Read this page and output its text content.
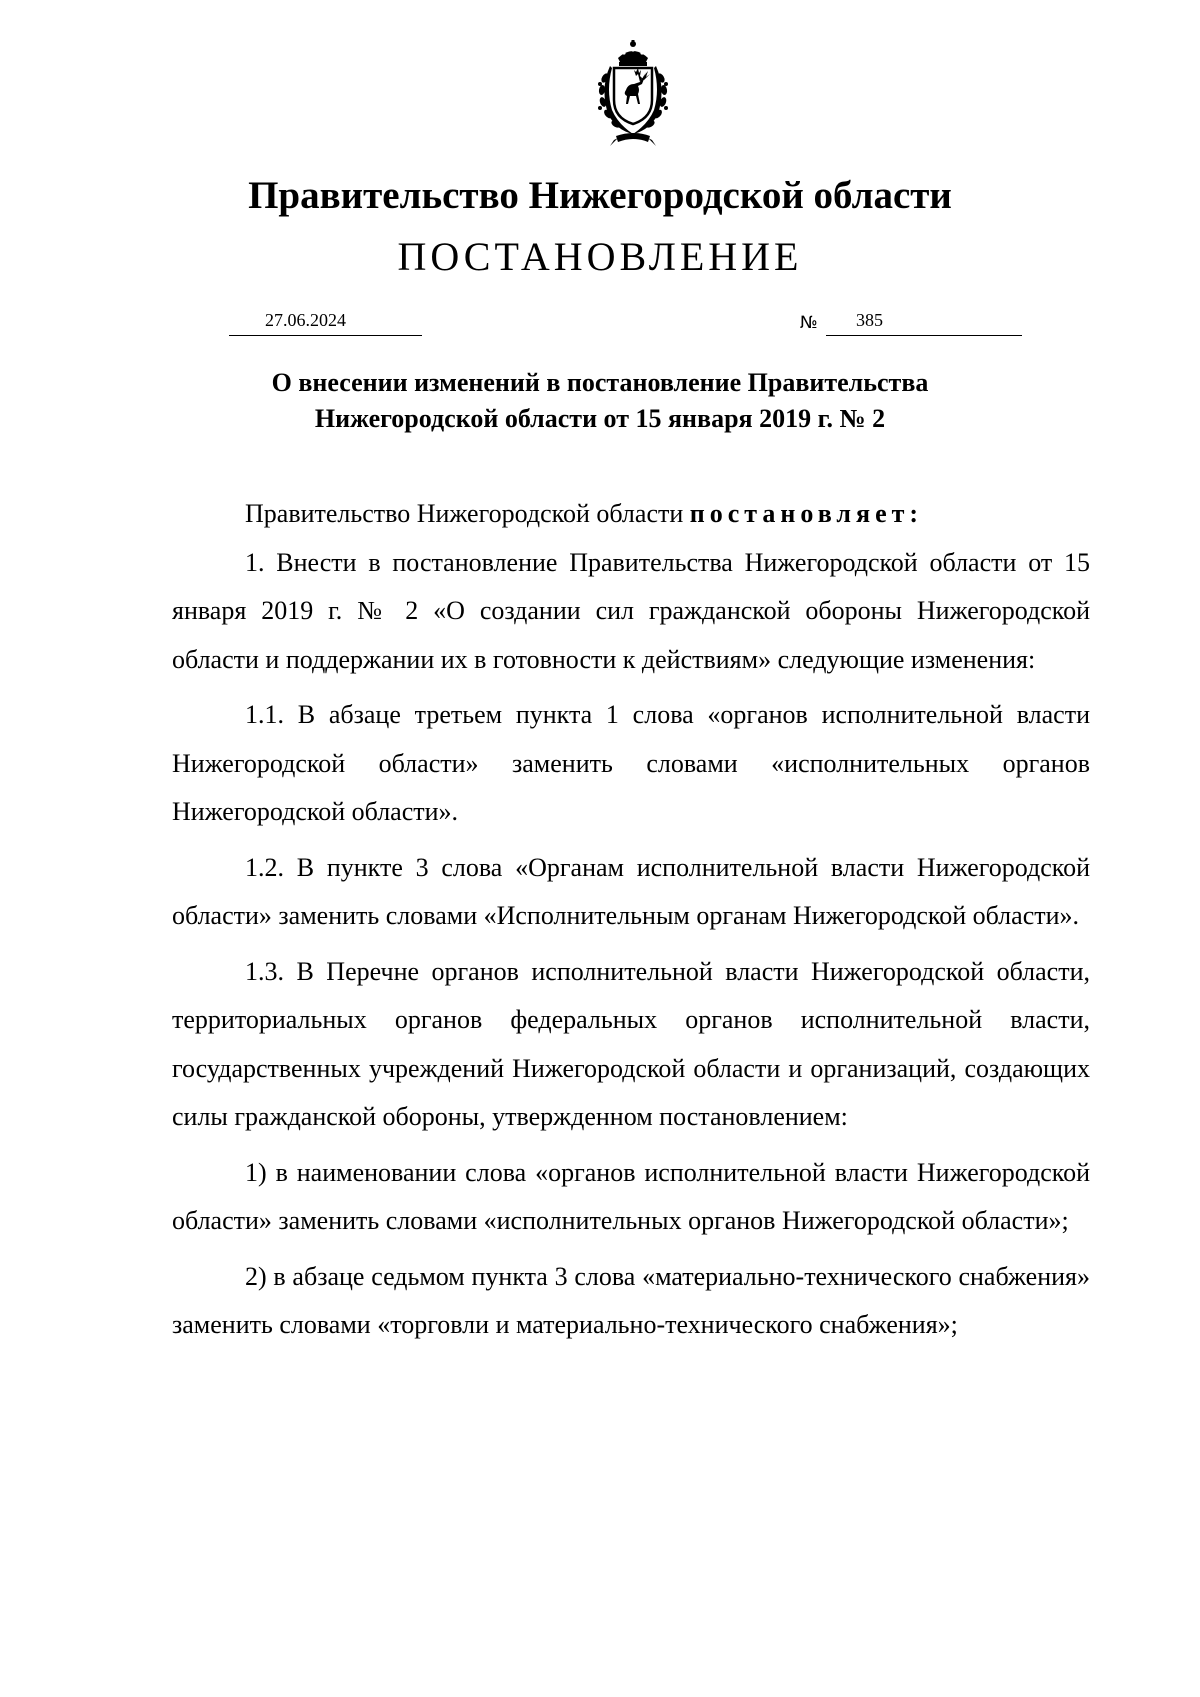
Правительство Нижегородской области
ПОСТАНОВЛЕНИЕ
27.06.2024	№ 385
О внесении изменений в постановление Правительства
Нижегородской области от 15 января 2019 г. № 2

Правительство Нижегородской области постановляет:

1. Внести в постановление Правительства Нижегородской области от 15 января 2019 г. № 2 «О создании сил гражданской обороны Нижегородской области и поддержании их в готовности к действиям» следующие изменения:

1.1. В абзаце третьем пункта 1 слова «органов исполнительной власти Нижегородской области» заменить словами «исполнительных органов Нижегородской области».

1.2. В пункте 3 слова «Органам исполнительной власти Нижегородской области» заменить словами «Исполнительным органам Нижегородской области».

1.3. В Перечне органов исполнительной власти Нижегородской области, территориальных органов федеральных органов исполнительной власти, государственных учреждений Нижегородской области и организаций, создающих силы гражданской обороны, утвержденном постановлением:

1) в наименовании слова «органов исполнительной власти Нижегородской области» заменить словами «исполнительных органов Нижегородской области»;

2) в абзаце седьмом пункта 3 слова «материально-технического снабжения» заменить словами «торговли и материально-технического снабжения»;
